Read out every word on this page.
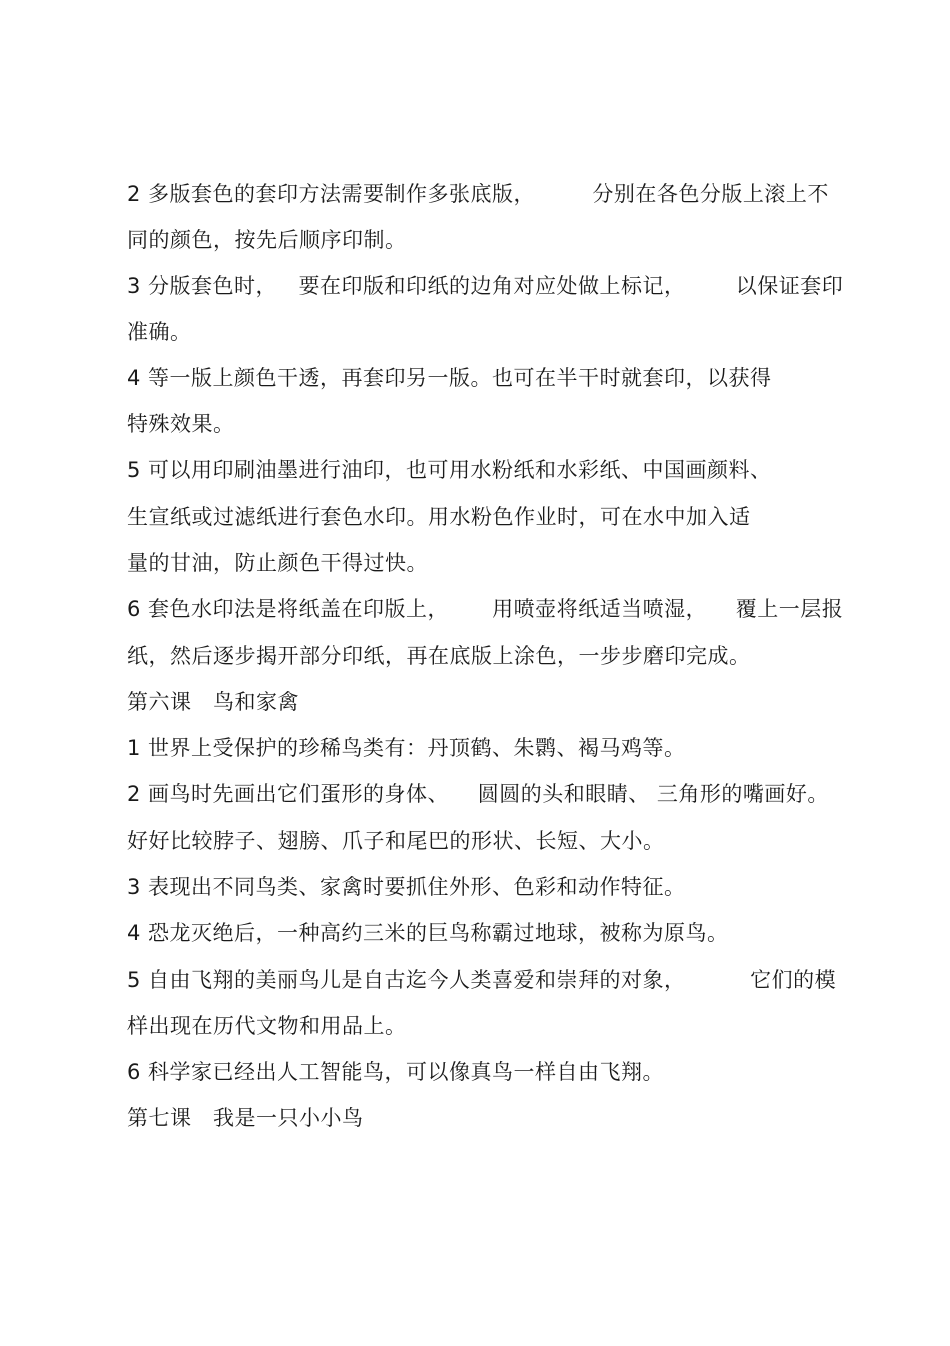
2 多版套色的套印方法需要制作多张底版，        分别在各色分版上滚上不
同的颜色，按先后顺序印制。
3 分版套色时，   要在印版和印纸的边角对应处做上标记，       以保证套印
准确。
4 等一版上颜色干透，再套印另一版。也可在半干时就套印，以获得
特殊效果。
5 可以用印刷油墨进行油印，也可用水粉纸和水彩纸、中国画颜料、
生宣纸或过滤纸进行套色水印。用水粉色作业时，可在水中加入适
量的甘油，防止颜色干得过快。
6 套色水印法是将纸盖在印版上，      用喷壶将纸适当喷湿，    覆上一层报
纸，然后逐步揭开部分印纸，再在底版上涂色，一步步磨印完成。
第六课   鸟和家禽
1 世界上受保护的珍稀鸟类有：丹顶鹤、朱鹮、褐马鸡等。
2 画鸟时先画出它们蛋形的身体、    圆圆的头和眼睛、 三角形的嘴画好。
好好比较脖子、翅膀、爪子和尾巴的形状、长短、大小。
3 表现出不同鸟类、家禽时要抓住外形、色彩和动作特征。
4 恐龙灭绝后，一种高约三米的巨鸟称霸过地球，被称为原鸟。
5 自由飞翔的美丽鸟儿是自古迄今人类喜爱和崇拜的对象，         它们的模
样出现在历代文物和用品上。
6 科学家已经出人工智能鸟，可以像真鸟一样自由飞翔。
第七课   我是一只小小鸟
